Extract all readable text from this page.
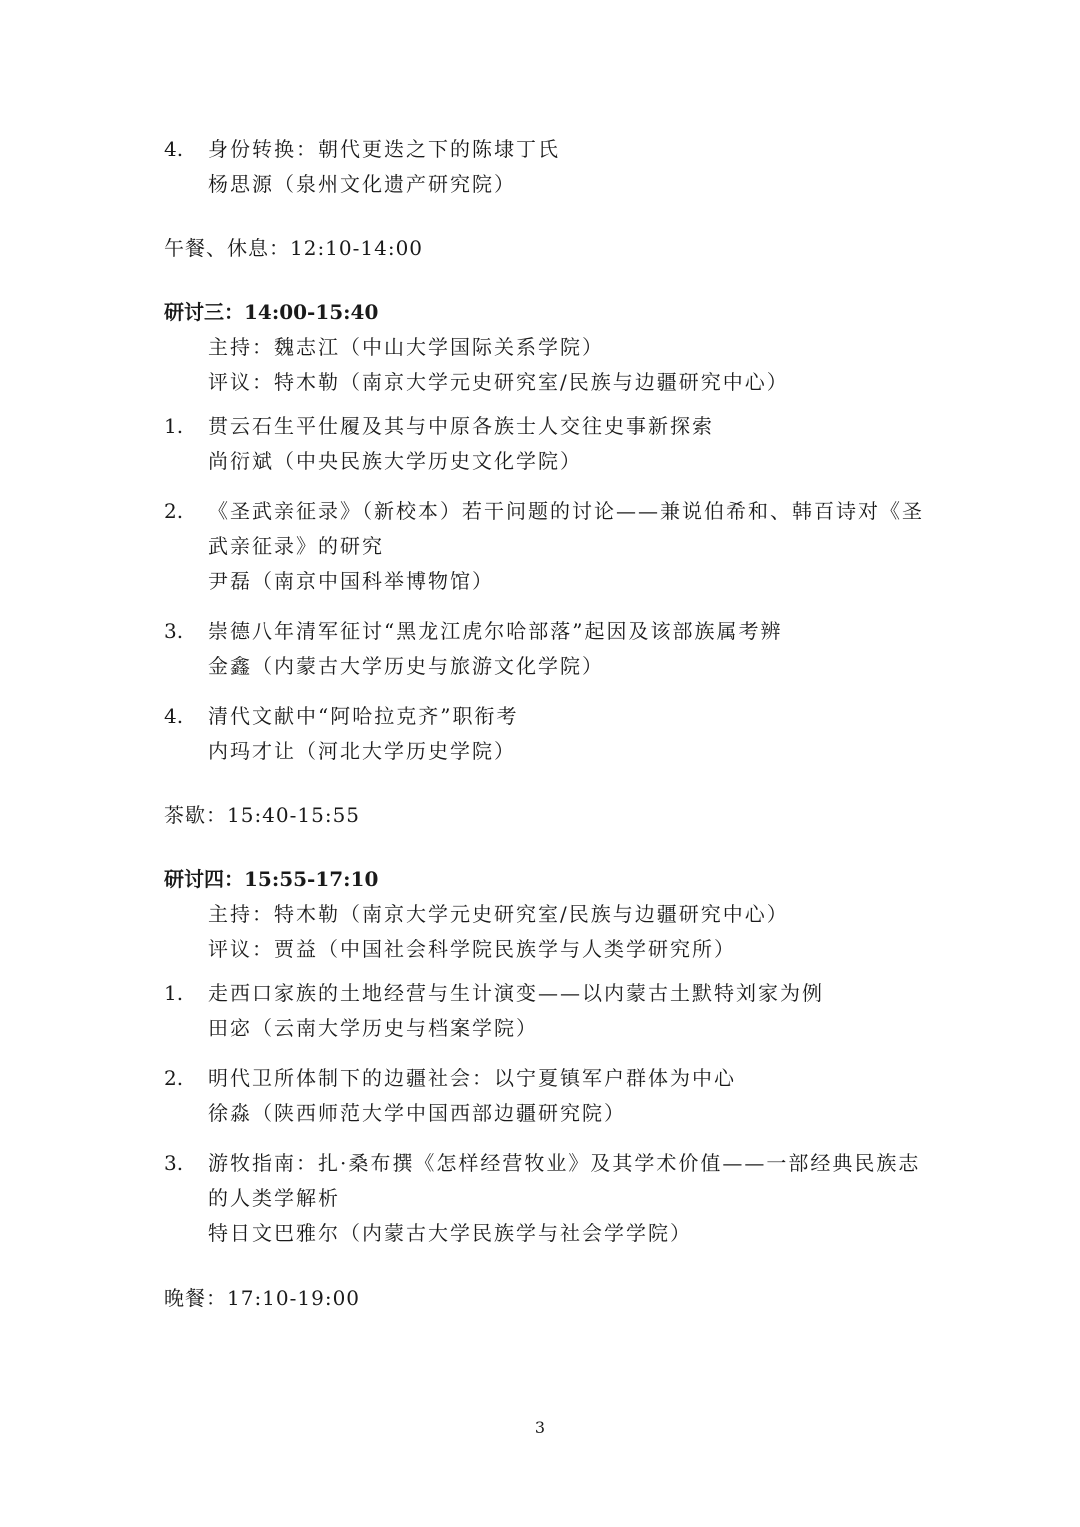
4. 身份转换：朝代更迭之下的陈埭丁氏
杨思源（泉州文化遗产研究院）
午餐、休息：12:10-14:00
研讨三：14:00-15:40
主持：魏志江（中山大学国际关系学院）
评议：特木勒（南京大学元史研究室/民族与边疆研究中心）
1. 贯云石生平仕履及其与中原各族士人交往史事新探索
尚衍斌（中央民族大学历史文化学院）
2. 《圣武亲征录》（新校本）若干问题的讨论——兼说伯希和、韩百诗对《圣
武亲征录》的研究
尹磊（南京中国科举博物馆）
3. 崇德八年清军征讨“黑龙江虎尔哈部落”起因及该部族属考辨
金鑫（内蒙古大学历史与旅游文化学院）
4. 清代文献中“阿哈拉克齐”职衔考
内玛才让（河北大学历史学院）
茶歇：15:40-15:55
研讨四：15:55-17:10
主持：特木勒（南京大学元史研究室/民族与边疆研究中心）
评议：贾益（中国社会科学院民族学与人类学研究所）
1. 走西口家族的土地经营与生计演变——以内蒙古土默特刘家为例
田宓（云南大学历史与档案学院）
2. 明代卫所体制下的边疆社会：以宁夏镇军户群体为中心
徐淼（陕西师范大学中国西部边疆研究院）
3. 游牧指南：扎·桑布撰《怎样经营牧业》及其学术价值——一部经典民族志
的人类学解析
特日文巴雅尔（内蒙古大学民族学与社会学学院）
晚餐：17:10-19:00
3
